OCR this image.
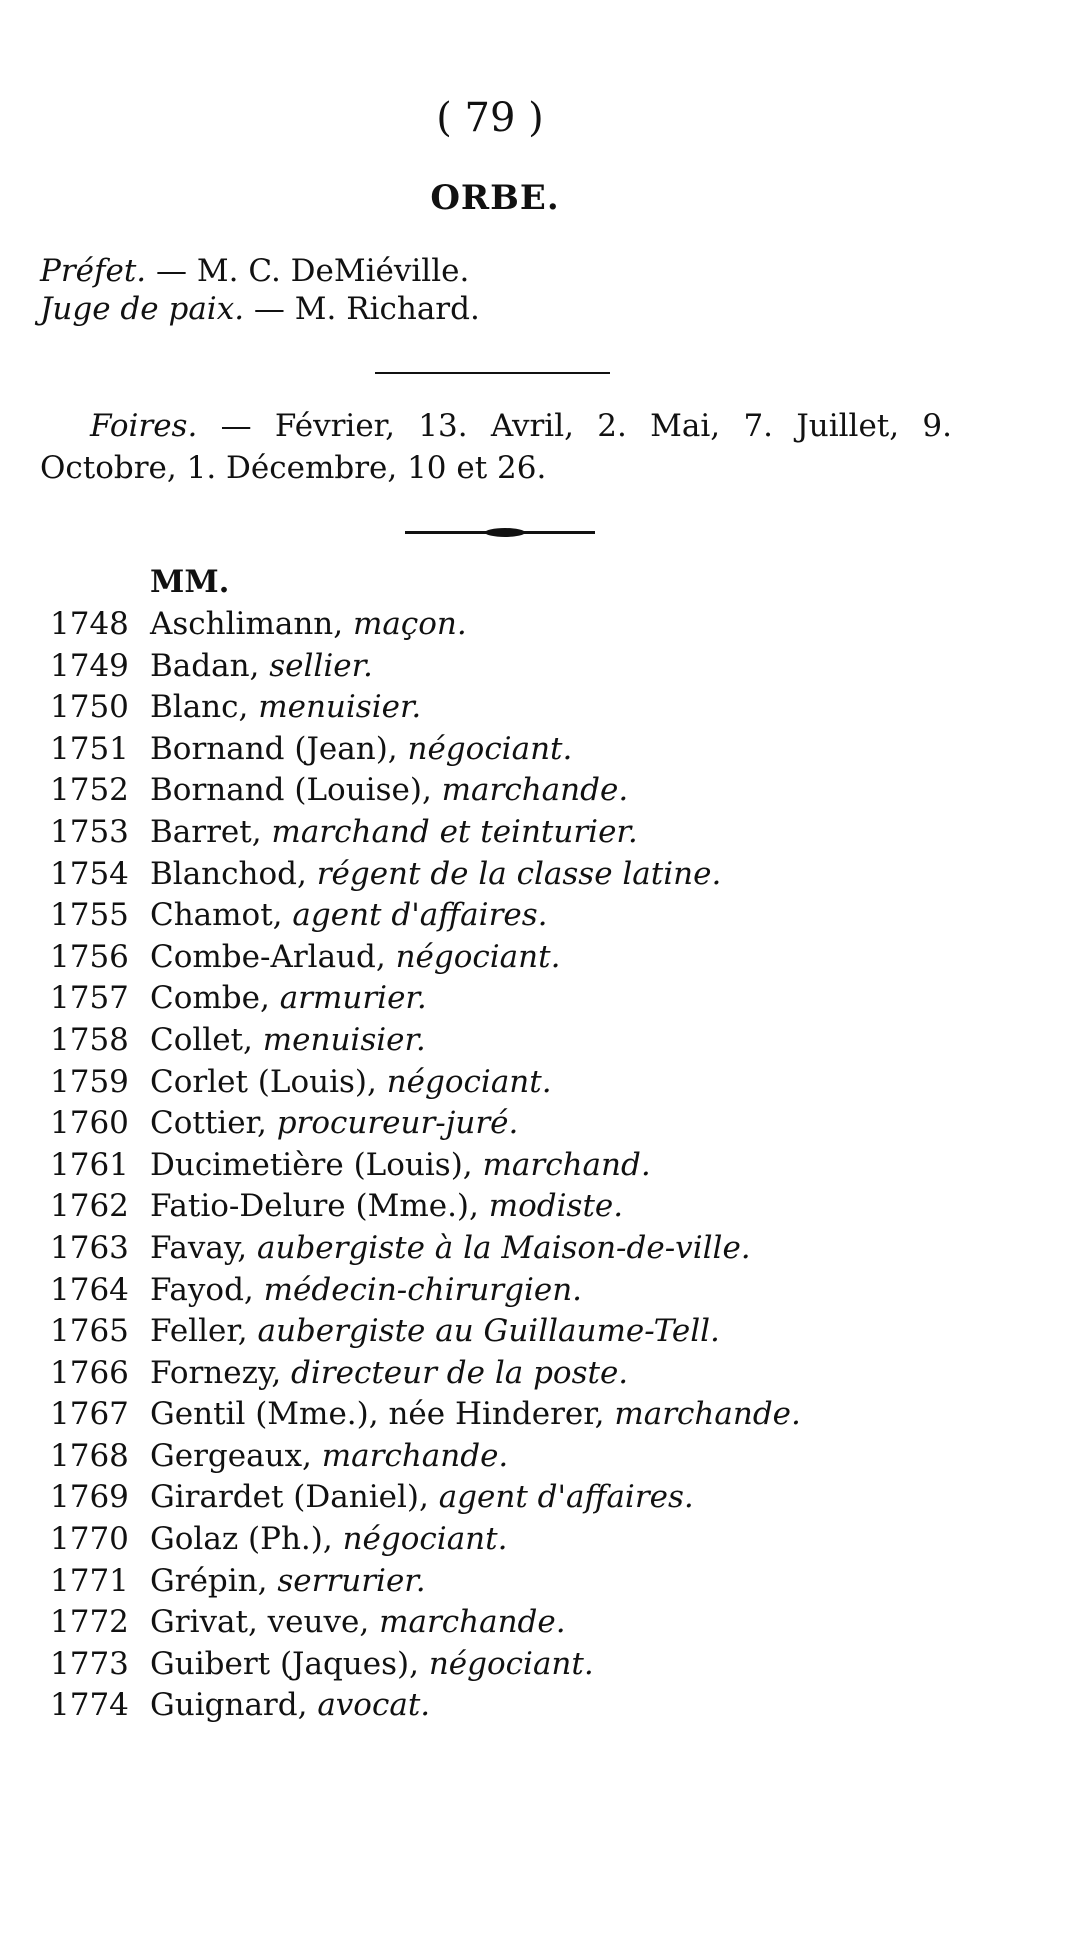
( 79 )
ORBE.
Préfet. — M. C. DeMiéville.
Juge de paix. — M. Richard.

Foires. — Février, 13. Avril, 2. Mai, 7. Juillet, 9. Octobre, 1. Décembre, 10 et 26.

MM.
1748 Aschlimann, maçon.
1749 Badan, sellier.
1750 Blanc, menuisier.
1751 Bornand (Jean), négociant.
1752 Bornand (Louise), marchande.
1753 Barret, marchand et teinturier.
1754 Blanchod, régent de la classe latine.
1755 Chamot, agent d'affaires.
1756 Combe-Arlaud, négociant.
1757 Combe, armurier.
1758 Collet, menuisier.
1759 Corlet (Louis), négociant.
1760 Cottier, procureur-juré.
1761 Ducimetière (Louis), marchand.
1762 Fatio-Delure (Mme.), modiste.
1763 Favay, aubergiste à la Maison-de-ville.
1764 Fayod, médecin-chirurgien.
1765 Feller, aubergiste au Guillaume-Tell.
1766 Fornezy, directeur de la poste.
1767 Gentil (Mme.), née Hinderer, marchande.
1768 Gergeaux, marchande.
1769 Girardet (Daniel), agent d'affaires.
1770 Golaz (Ph.), négociant.
1771 Grépin, serrurier.
1772 Grivat, veuve, marchande.
1773 Guibert (Jaques), négociant.
1774 Guignard, avocat.
